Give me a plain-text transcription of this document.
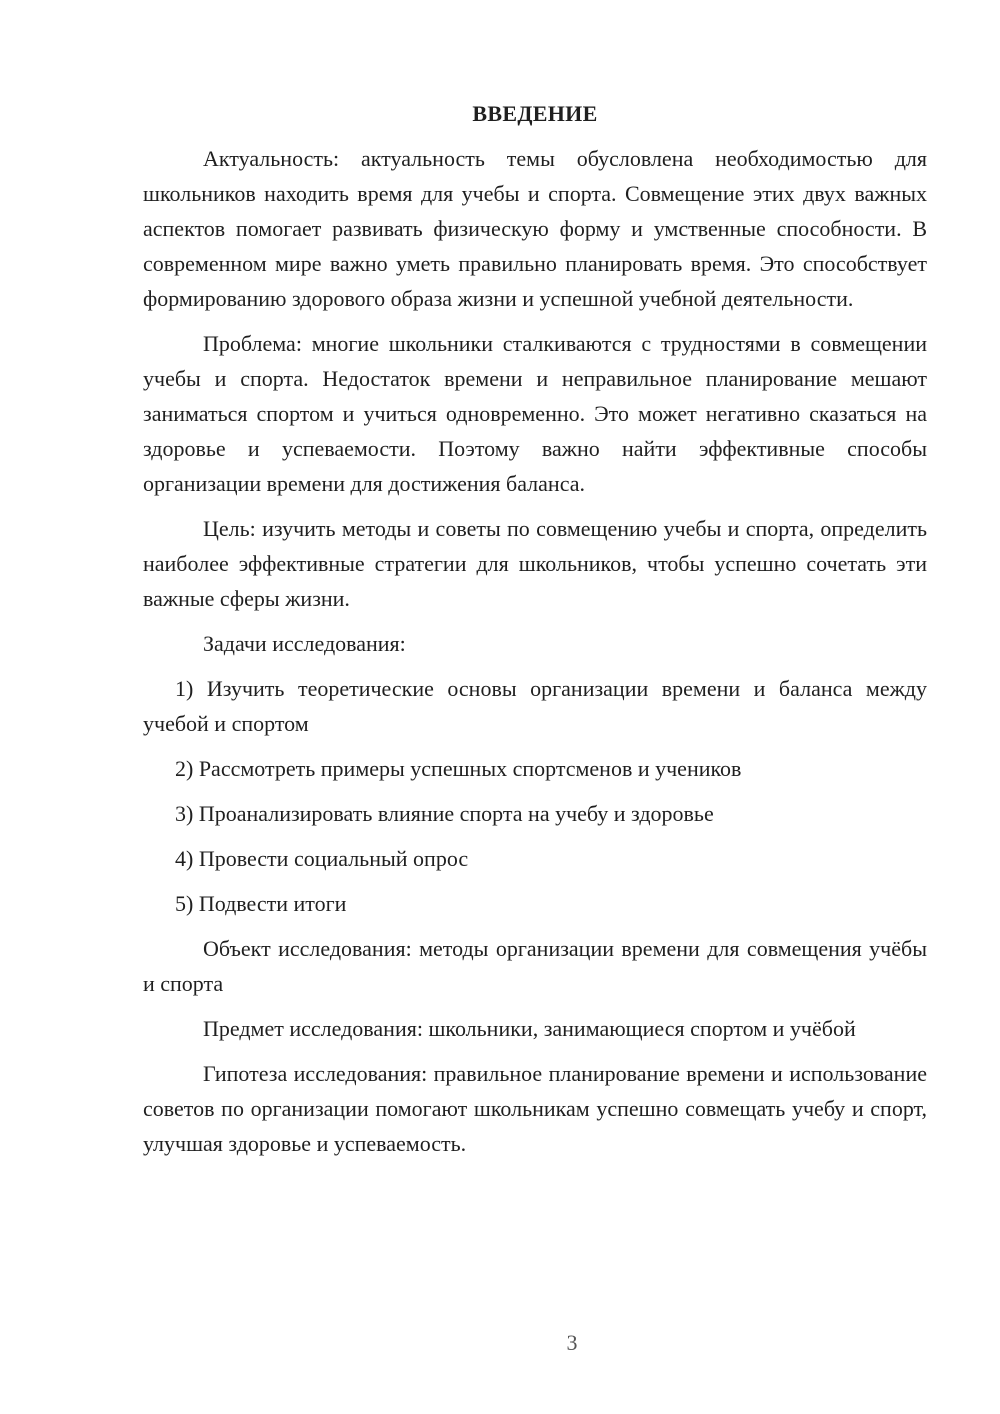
ВВЕДЕНИЕ

Актуальность: актуальность темы обусловлена необходимостью для школьников находить время для учебы и спорта. Совмещение этих двух важных аспектов помогает развивать физическую форму и умственные способности. В современном мире важно уметь правильно планировать время. Это способствует формированию здорового образа жизни и успешной учебной деятельности.

Проблема: многие школьники сталкиваются с трудностями в совмещении учебы и спорта. Недостаток времени и неправильное планирование мешают заниматься спортом и учиться одновременно. Это может негативно сказаться на здоровье и успеваемости. Поэтому важно найти эффективные способы организации времени для достижения баланса.

Цель: изучить методы и советы по совмещению учебы и спорта, определить наиболее эффективные стратегии для школьников, чтобы успешно сочетать эти важные сферы жизни.

Задачи исследования:

1) Изучить теоретические основы организации времени и баланса между учебой и спортом

2) Рассмотреть примеры успешных спортсменов и учеников

3) Проанализировать влияние спорта на учебу и здоровье

4) Провести социальный опрос

5) Подвести итоги

Объект исследования: методы организации времени для совмещения учёбы и спорта

Предмет исследования: школьники, занимающиеся спортом и учёбой

Гипотеза исследования: правильное планирование времени и использование советов по организации помогают школьникам успешно совмещать учебу и спорт, улучшая здоровье и успеваемость.

3
